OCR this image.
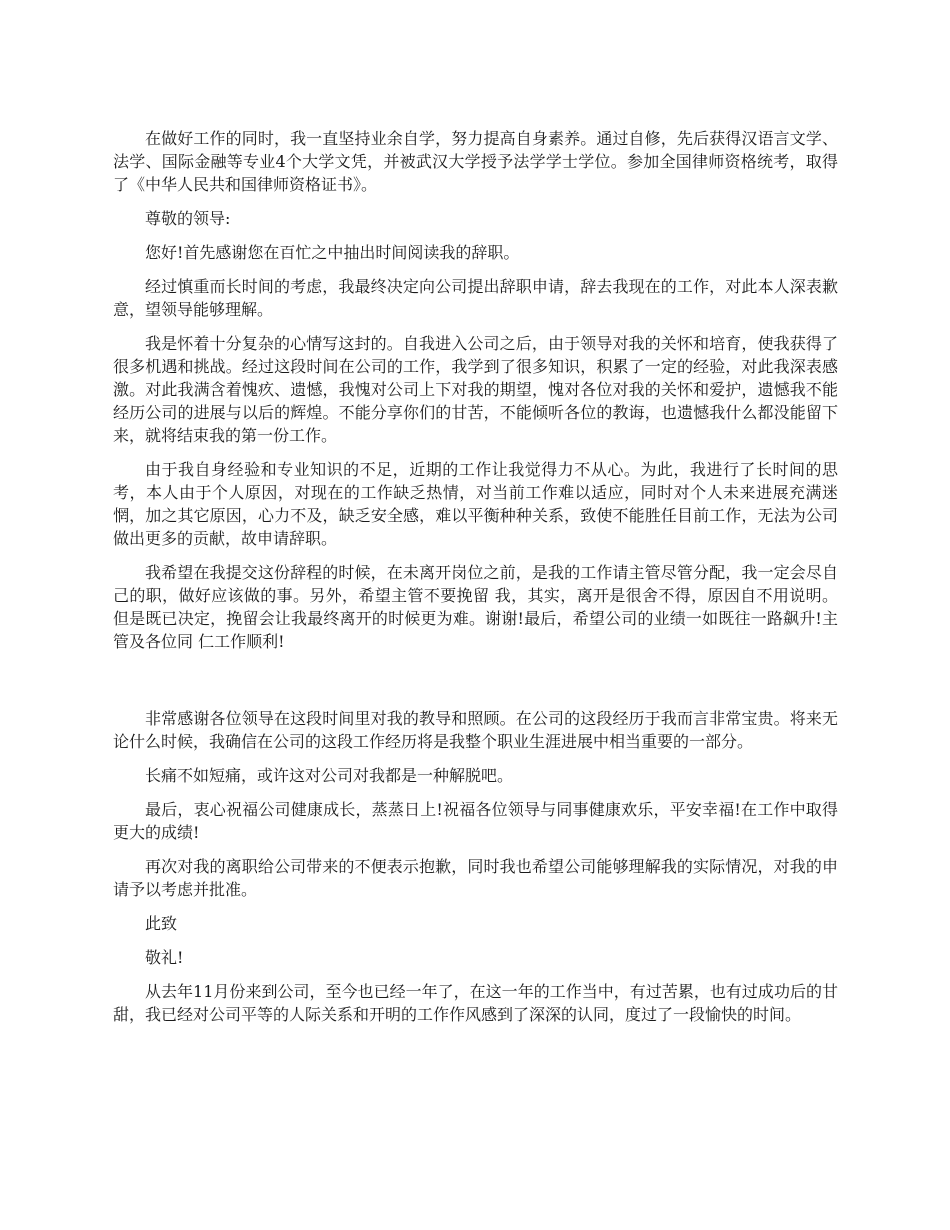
在做好工作的同时，我一直坚持业余自学，努力提高自身素养。通过自修，先后获得汉语言文学、法学、国际金融等专业4个大学文凭，并被武汉大学授予法学学士学位。参加全国律师资格统考，取得了《中华人民共和国律师资格证书》。

尊敬的领导:

您好!首先感谢您在百忙之中抽出时间阅读我的辞职。

经过慎重而长时间的考虑，我最终决定向公司提出辞职申请，辞去我现在的工作，对此本人深表歉意，望领导能够理解。

我是怀着十分复杂的心情写这封的。自我进入公司之后，由于领导对我的关怀和培育，使我获得了很多机遇和挑战。经过这段时间在公司的工作，我学到了很多知识，积累了一定的经验，对此我深表感激。对此我满含着愧疚、遗憾，我愧对公司上下对我的期望，愧对各位对我的关怀和爱护，遗憾我不能经历公司的进展与以后的辉煌。不能分享你们的甘苦，不能倾听各位的教诲，也遗憾我什么都没能留下来，就将结束我的第一份工作。

由于我自身经验和专业知识的不足，近期的工作让我觉得力不从心。为此，我进行了长时间的思考，本人由于个人原因，对现在的工作缺乏热情，对当前工作难以适应，同时对个人未来进展充满迷惘，加之其它原因，心力不及，缺乏安全感，难以平衡种种关系，致使不能胜任目前工作，无法为公司做出更多的贡献，故申请辞职。

我希望在我提交这份辞程的时候，在未离开岗位之前，是我的工作请主管尽管分配，我一定会尽自己的职，做好应该做的事。另外，希望主管不要挽留 我，其实，离开是很舍不得，原因自不用说明。但是既已决定，挽留会让我最终离开的时候更为难。谢谢!最后，希望公司的业绩一如既往一路飙升!主管及各位同 仁工作顺利!

非常感谢各位领导在这段时间里对我的教导和照顾。在公司的这段经历于我而言非常宝贵。将来无论什么时候，我确信在公司的这段工作经历将是我整个职业生涯进展中相当重要的一部分。

长痛不如短痛，或许这对公司对我都是一种解脱吧。

最后，衷心祝福公司健康成长，蒸蒸日上!祝福各位领导与同事健康欢乐，平安幸福!在工作中取得更大的成绩!

再次对我的离职给公司带来的不便表示抱歉，同时我也希望公司能够理解我的实际情况，对我的申请予以考虑并批准。

此致

敬礼!

从去年11月份来到公司，至今也已经一年了，在这一年的工作当中，有过苦累，也有过成功后的甘甜，我已经对公司平等的人际关系和开明的工作作风感到了深深的认同，度过了一段愉快的时间。
